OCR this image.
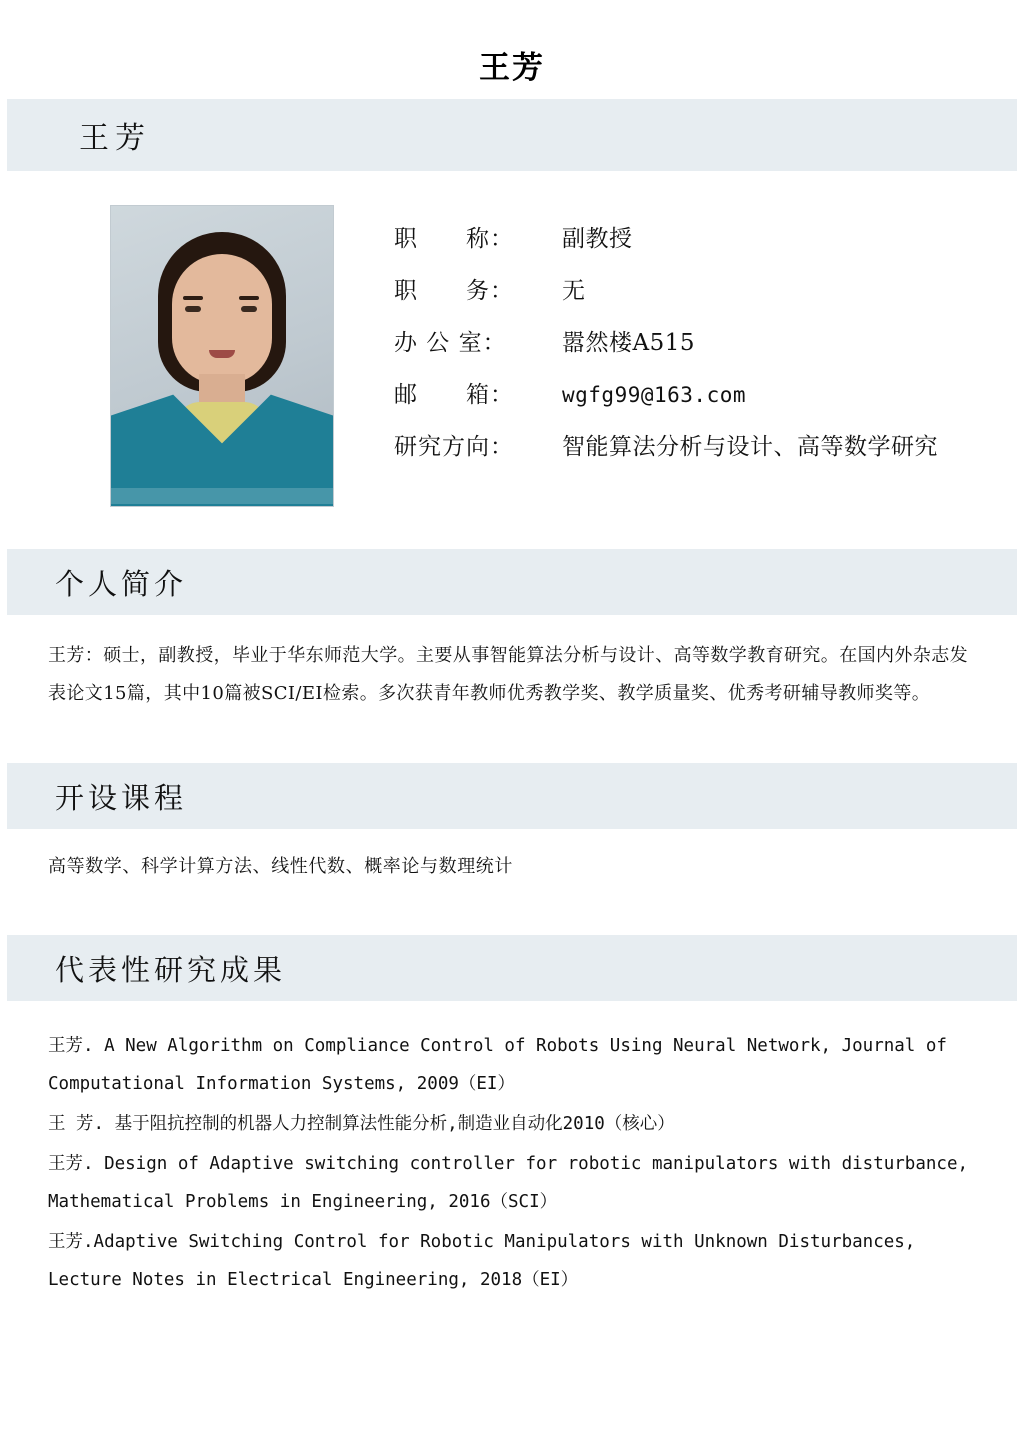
王芳
王芳
职　　称： 副教授
职　　务： 无
办 公 室： 嚣然楼A515
邮　　箱： wgfg99@163.com
研究方向： 智能算法分析与设计、高等数学研究
个人简介
王芳：硕士，副教授，毕业于华东师范大学。主要从事智能算法分析与设计、高等数学教育研究。在国内外杂志发表论文15篇，其中10篇被SCI/EI检索。多次获青年教师优秀教学奖、教学质量奖、优秀考研辅导教师奖等。
开设课程
高等数学、科学计算方法、线性代数、概率论与数理统计
代表性研究成果
王芳. A New Algorithm on Compliance Control of Robots Using Neural Network, Journal of Computational Information Systems, 2009（EI）
王 芳. 基于阻抗控制的机器人力控制算法性能分析,制造业自动化2010（核心）
王芳. Design of Adaptive switching controller for robotic manipulators with disturbance, Mathematical Problems in Engineering, 2016（SCI）
王芳.Adaptive Switching Control for Robotic Manipulators with Unknown Disturbances, Lecture Notes in Electrical Engineering, 2018（EI）
